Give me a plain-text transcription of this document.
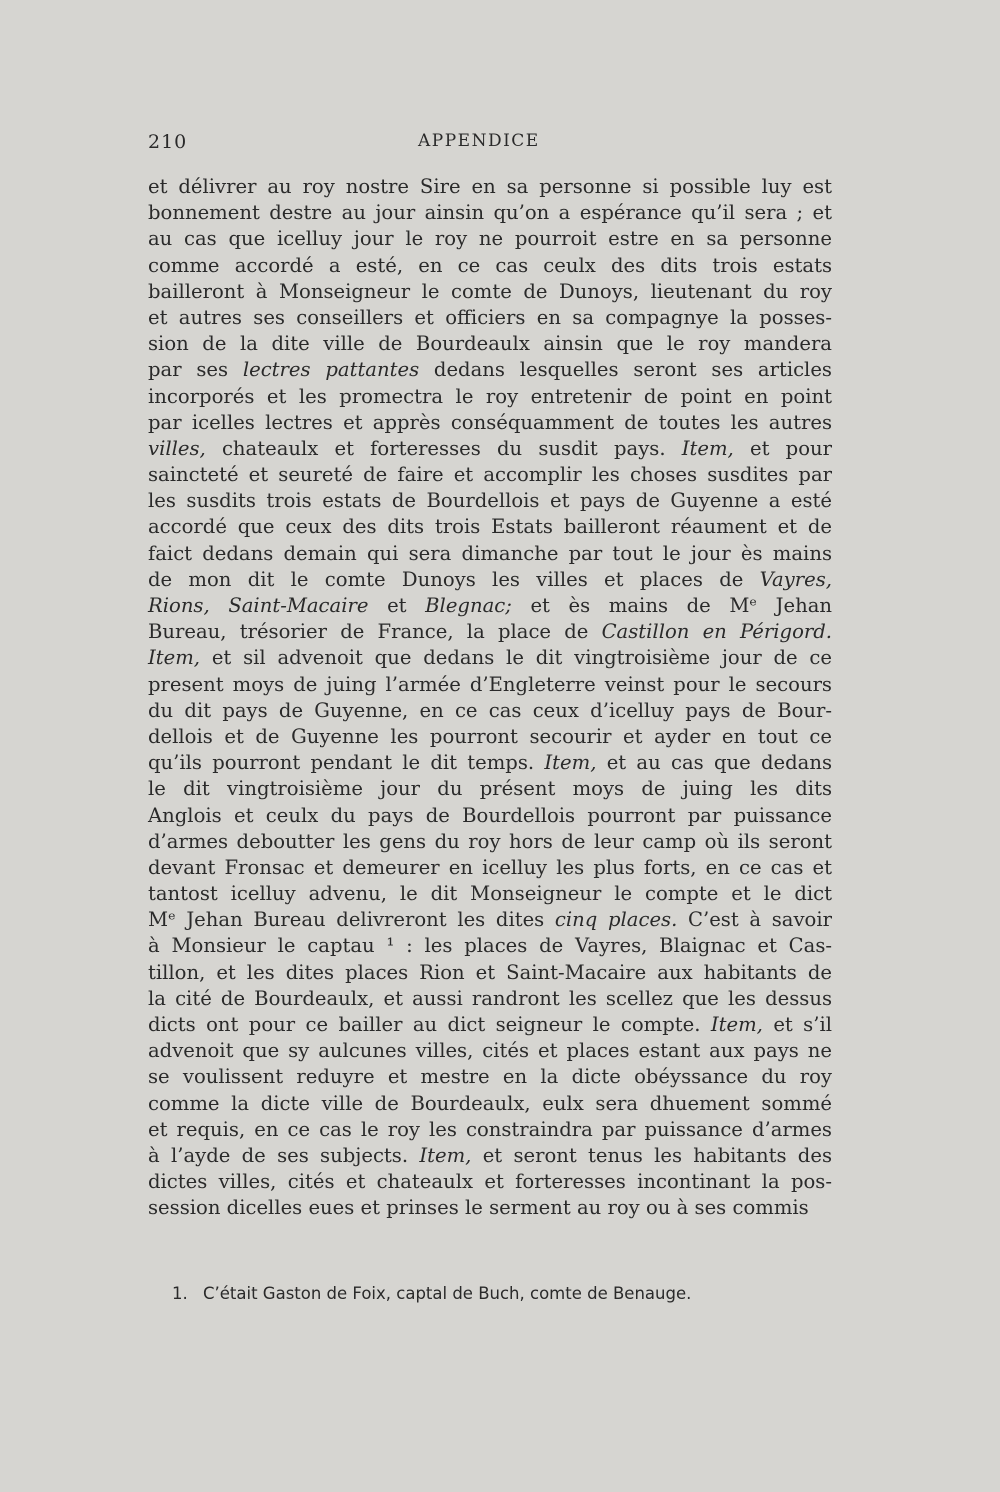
210	APPENDICE
et délivrer au roy nostre Sire en sa personne si possible luy est
bonnement destre au jour ainsin qu’on a espérance qu’il sera ; et
au cas que icelluy jour le roy ne pourroit estre en sa personne
comme accordé a esté, en ce cas ceulx des dits trois estats
bailleront à Monseigneur le comte de Dunoys, lieutenant du roy
et autres ses conseillers et officiers en sa compagnye la posses-
sion de la dite ville de Bourdeaulx ainsin que le roy mandera
par ses lectres pattantes dedans lesquelles seront ses articles
incorporés et les promectra le roy entretenir de point en point
par icelles lectres et apprès conséquamment de toutes les autres
villes, chateaulx et forteresses du susdit pays. Item, et pour
saincteté et seureté de faire et accomplir les choses susdites par
les susdits trois estats de Bourdellois et pays de Guyenne a esté
accordé que ceux des dits trois Estats bailleront réaument et de
faict dedans demain qui sera dimanche par tout le jour ès mains
de mon dit le comte Dunoys les villes et places de Vayres,
Rions, Saint-Macaire et Blegnac; et ès mains de Mᵉ Jehan
Bureau, trésorier de France, la place de Castillon en Périgord.
Item, et sil advenoit que dedans le dit vingtroisième jour de ce
present moys de juing l’armée d’Engleterre veinst pour le secours
du dit pays de Guyenne, en ce cas ceux d’icelluy pays de Bour-
dellois et de Guyenne les pourront secourir et ayder en tout ce
qu’ils pourront pendant le dit temps. Item, et au cas que dedans
le dit vingtroisième jour du présent moys de juing les dits
Anglois et ceulx du pays de Bourdellois pourront par puissance
d’armes deboutter les gens du roy hors de leur camp où ils seront
devant Fronsac et demeurer en icelluy les plus forts, en ce cas et
tantost icelluy advenu, le dit Monseigneur le compte et le dict
Mᵉ Jehan Bureau delivreront les dites cinq places. C’est à savoir
à Monsieur le captau ¹ : les places de Vayres, Blaignac et Cas-
tillon, et les dites places Rion et Saint-Macaire aux habitants de
la cité de Bourdeaulx, et aussi randront les scellez que les dessus
dicts ont pour ce bailler au dict seigneur le compte. Item, et s’il
advenoit que sy aulcunes villes, cités et places estant aux pays ne
se voulissent reduyre et mestre en la dicte obéyssance du roy
comme la dicte ville de Bourdeaulx, eulx sera dhuement sommé
et requis, en ce cas le roy les constraindra par puissance d’armes
à l’ayde de ses subjects. Item, et seront tenus les habitants des
dictes villes, cités et chateaulx et forteresses incontinant la pos-
session dicelles eues et prinses le serment au roy ou à ses commis
1. C’était Gaston de Foix, captal de Buch, comte de Benauge.
